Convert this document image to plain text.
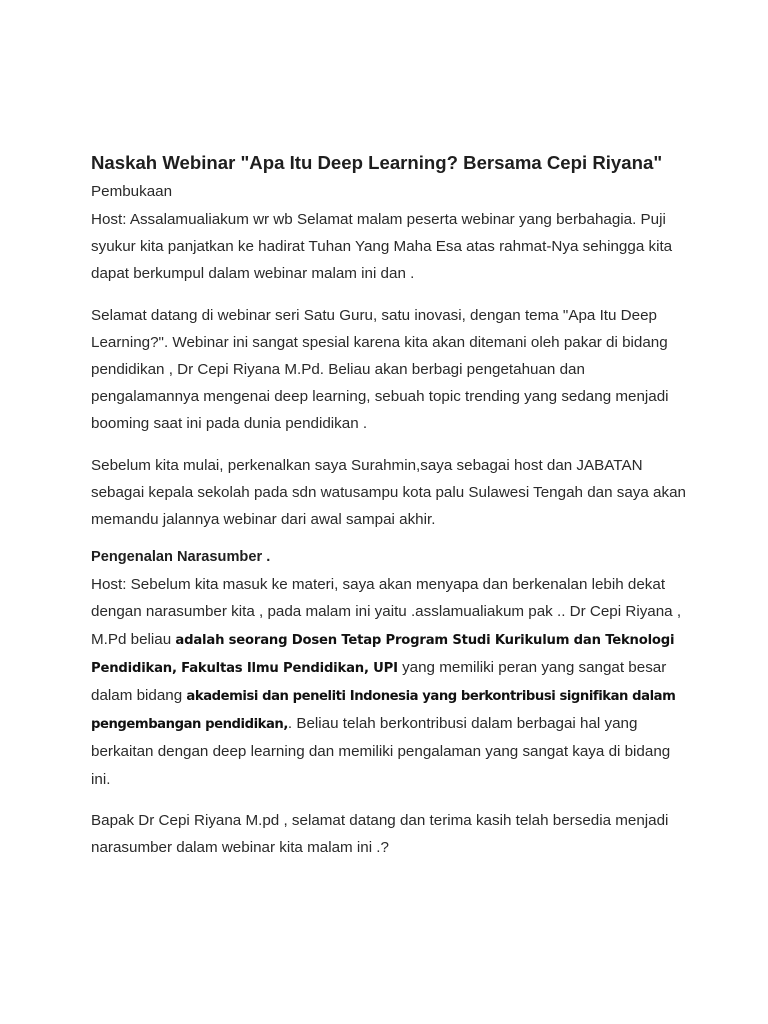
Naskah Webinar "Apa Itu Deep Learning? Bersama Cepi Riyana"

Pembukaan

Host: Assalamualiakum wr wb Selamat malam peserta webinar yang berbahagia. Puji syukur kita panjatkan ke hadirat Tuhan Yang Maha Esa atas rahmat-Nya sehingga kita dapat berkumpul dalam webinar malam ini dan .

Selamat datang di webinar seri Satu Guru, satu inovasi, dengan tema "Apa Itu Deep Learning?". Webinar ini sangat spesial karena kita akan ditemani oleh pakar di bidang pendidikan , Dr Cepi Riyana M.Pd. Beliau akan berbagi pengetahuan dan pengalamannya mengenai deep learning, sebuah topic trending yang sedang menjadi booming saat ini pada dunia pendidikan .

Sebelum kita mulai, perkenalkan saya Surahmin,saya sebagai host dan JABATAN sebagai kepala sekolah pada sdn watusampu kota palu Sulawesi Tengah dan saya akan memandu jalannya webinar dari awal sampai akhir.

Pengenalan Narasumber .

Host: Sebelum kita masuk ke materi, saya akan menyapa dan berkenalan lebih dekat dengan narasumber kita , pada malam ini yaitu .asslamualiakum pak .. Dr Cepi Riyana , M.Pd beliau adalah seorang Dosen Tetap Program Studi Kurikulum dan Teknologi Pendidikan, Fakultas Ilmu Pendidikan, UPI yang memiliki peran yang sangat besar dalam bidang akademisi dan peneliti Indonesia yang berkontribusi signifikan dalam pengembangan pendidikan,. Beliau telah berkontribusi dalam berbagai hal yang berkaitan dengan deep learning dan memiliki pengalaman yang sangat kaya di bidang ini.

Bapak Dr Cepi Riyana M.pd , selamat datang dan terima kasih telah bersedia menjadi narasumber dalam webinar kita malam ini .?
